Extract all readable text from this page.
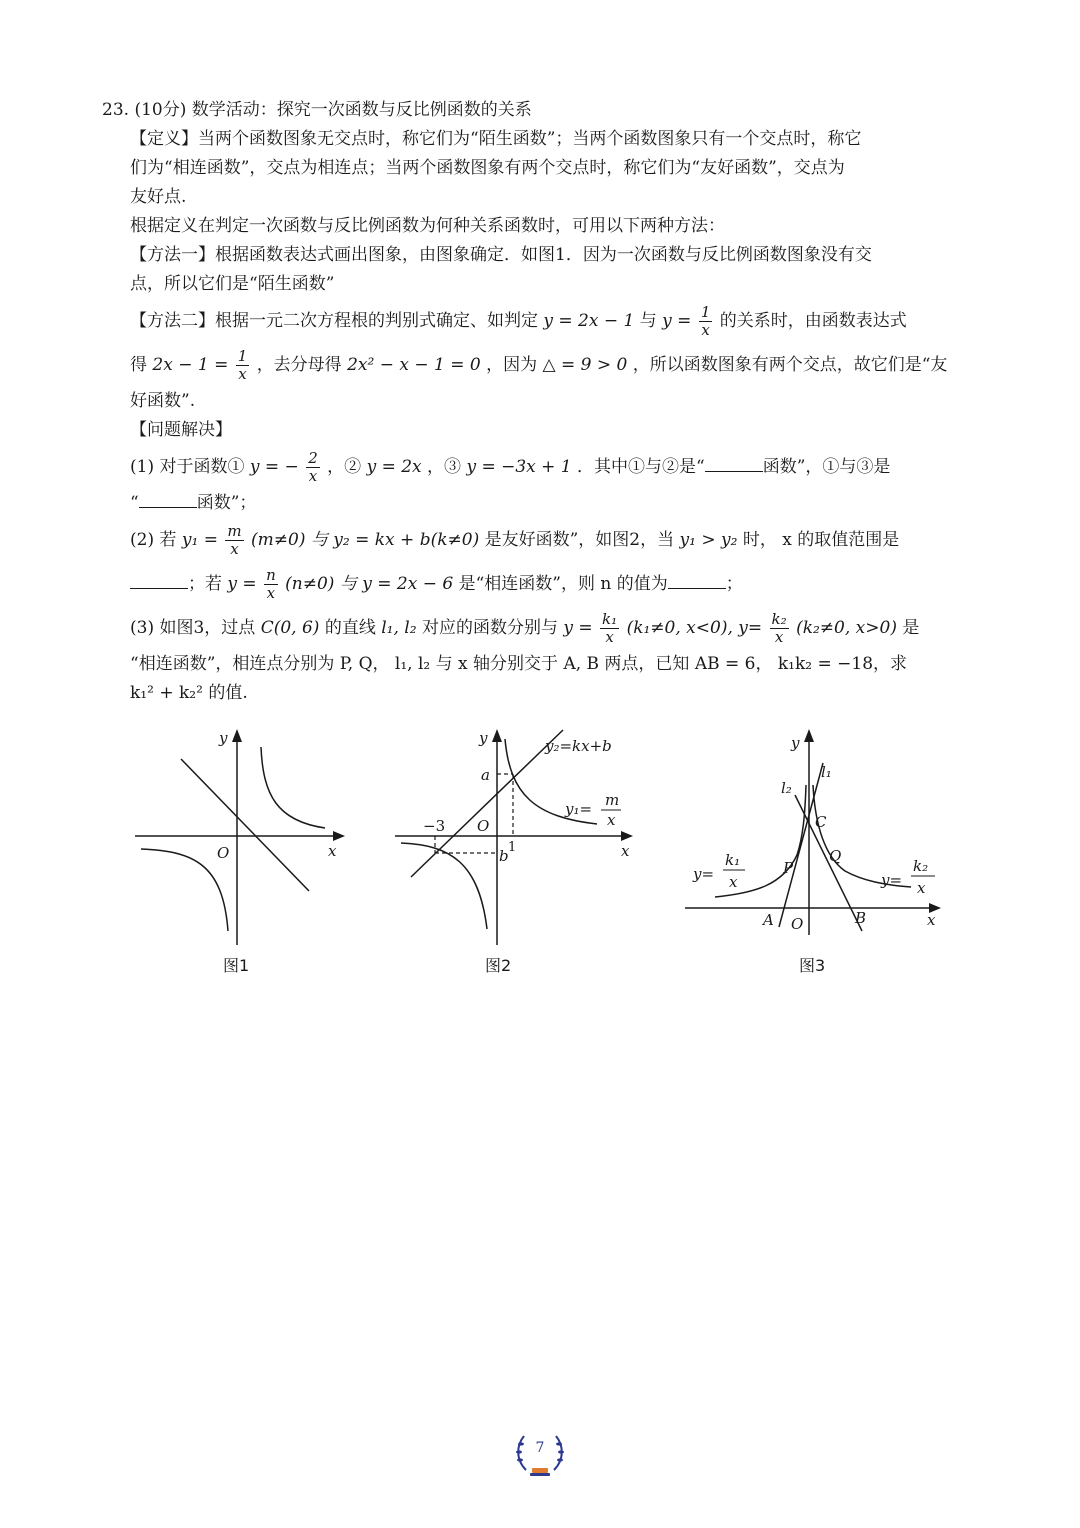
23. (10分) 数学活动：探究一次函数与反比例函数的关系
【定义】当两个函数图象无交点时，称它们为“陌生函数”；当两个函数图象只有一个交点时，称它
们为“相连函数”，交点为相连点；当两个函数图象有两个交点时，称它们为“友好函数”，交点为
友好点.
根据定义在判定一次函数与反比例函数为何种关系函数时，可用以下两种方法：
【方法一】根据函数表达式画出图象，由图象确定．如图1．因为一次函数与反比例函数图象没有交
点，所以它们是“陌生函数”
【方法二】根据一元二次方程根的判别式确定、如判定 y = 2x − 1 与 $y = \frac{1}{x}$ 的关系时，由函数表达式
得 $2x - 1 = \frac{1}{x}$ ，去分母得 2x² − x − 1 = 0 ，因为 △ = 9 > 0 ，所以函数图象有两个交点，故它们是“友
好函数”.
【问题解决】
(1) 对于函数① y = − $\frac{2}{x}$ ，② y = 2x ，③ y = −3x + 1 ．其中①与②是“	函数”，①与③是
“	函数”；
(2) 若 $y_1 = \frac{m}{x} (m\ne 0)$ 与 y₂ = kx + b(k≠0) 是友好函数”，如图2，当 y₁ > y₂ 时， x 的取值范围是
；若 $y = \frac{n}{x} (n\ne 0)$ 与 y = 2x − 6 是“相连函数”，则 n 的值为	；
(3) 如图3，过点 C(0, 6) 的直线 l₁, l₂ 对应的函数分别与 $y = \frac{\text{k₁}}{x} (k_1\ne 0$, x<0), $y= \frac{\text{k₂}}{x} (k_2\ne 0$, x>0) 是
“相连函数”，相连点分别为 P, Q， l₁, l₂ 与 x 轴分别交于 A, B 两点，已知 AB = 6， k₁k₂ = −18，求
k₁² + k₂² 的值.
y
x
O
图1
y
x
O
a
b
−3
1
y₂=kx+b
y₁= m
x
图2
y
x
O
l₁
l₂
C
P
Q
A	B
y=
k₁
x	y=
k₂
x
图3
7
